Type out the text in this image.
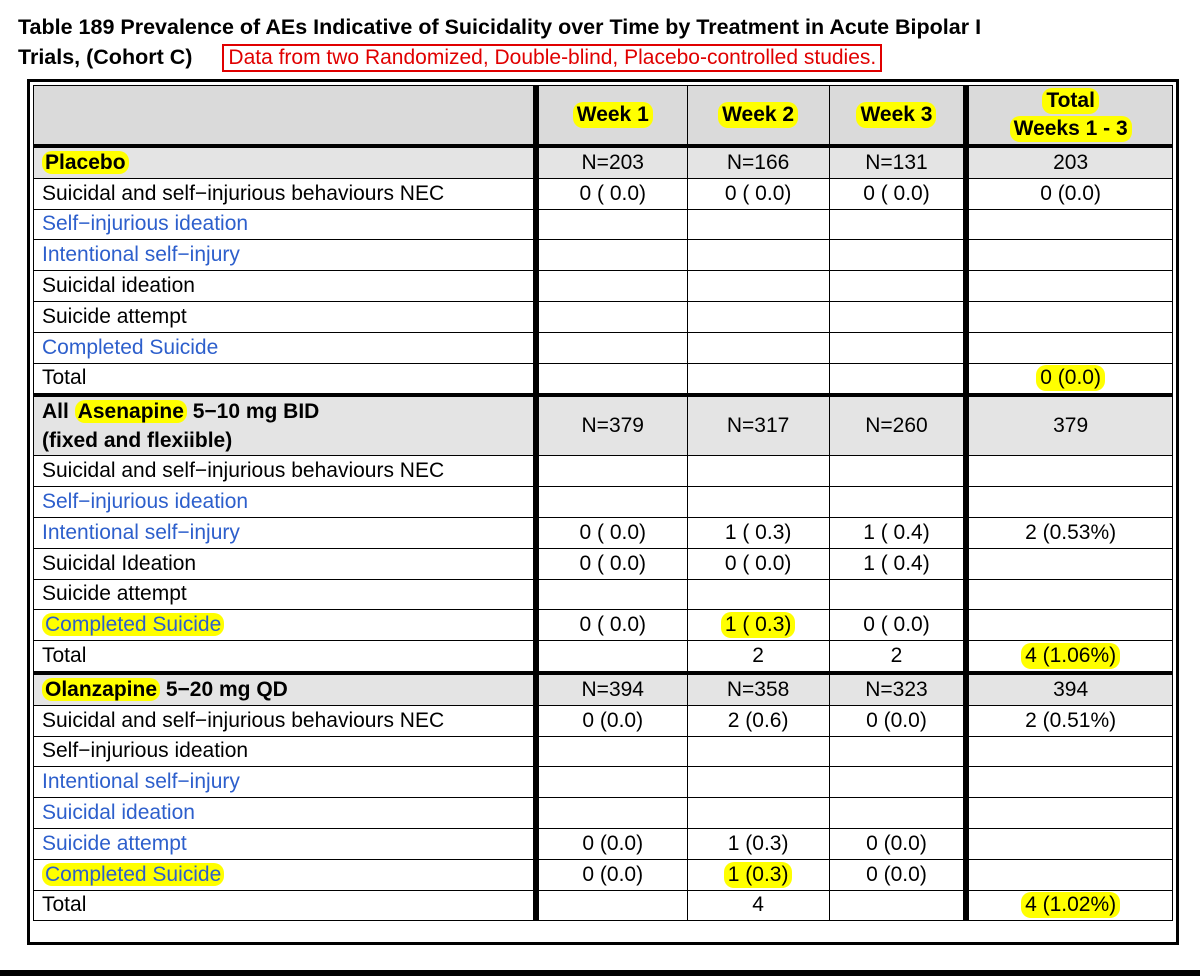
Table 189 Prevalence of AEs Indicative of Suicidality over Time by Treatment in Acute Bipolar I
Trials, (Cohort C) Data from two Randomized, Double-blind, Placebo-controlled studies.
	Week 1	Week 2	Week 3	Total
Weeks 1 - 3
Placebo	N=203	N=166	N=131	203
Suicidal and self−injurious behaviours NEC	0 ( 0.0)	0 ( 0.0)	0 ( 0.0)	0 (0.0)
Self−injurious ideation				
Intentional self−injury				
Suicidal ideation				
Suicide attempt				
Completed Suicide				
Total				0 (0.0)
All Asenapine 5−10 mg BID
(fixed and flexiible)	N=379	N=317	N=260	379
Suicidal and self−injurious behaviours NEC				
Self−injurious ideation				
Intentional self−injury	0 ( 0.0)	1 ( 0.3)	1 ( 0.4)	2 (0.53%)
Suicidal Ideation	0 ( 0.0)	0 ( 0.0)	1 ( 0.4)	
Suicide attempt				
Completed Suicide	0 ( 0.0)	1 ( 0.3)	0 ( 0.0)	
Total		2	2	4 (1.06%)
Olanzapine 5−20 mg QD	N=394	N=358	N=323	394
Suicidal and self−injurious behaviours NEC	0 (0.0)	2 (0.6)	0 (0.0)	2 (0.51%)
Self−injurious ideation				
Intentional self−injury				
Suicidal ideation				
Suicide attempt	0 (0.0)	1 (0.3)	0 (0.0)	
Completed Suicide	0 (0.0)	1 (0.3)	0 (0.0)	
Total		4		4 (1.02%)
